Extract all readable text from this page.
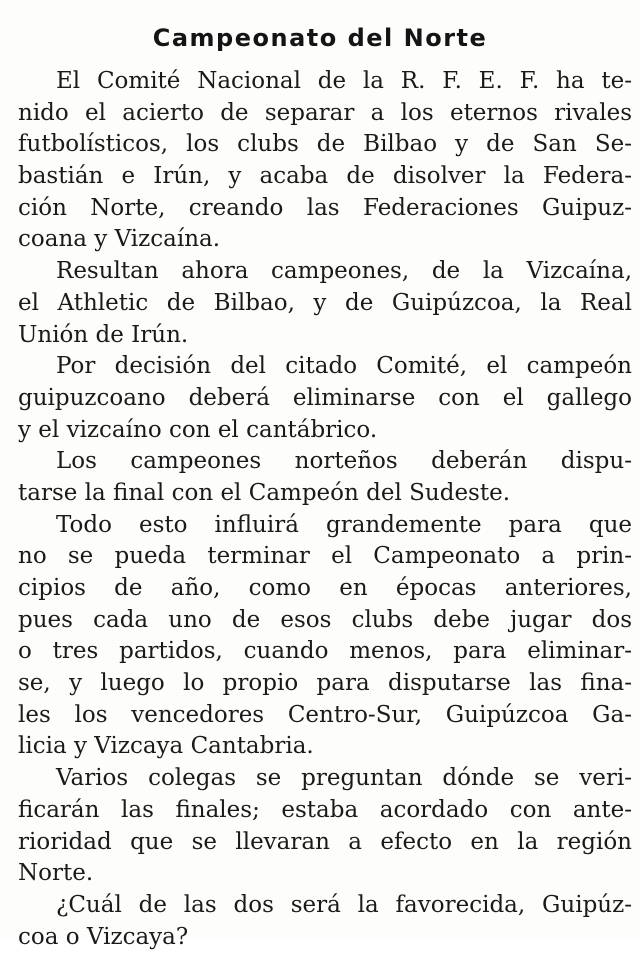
Campeonato del Norte
El Comité Nacional de la R. F. E. F. ha te-
nido el acierto de separar a los eternos rivales
futbolísticos, los clubs de Bilbao y de San Se-
bastián e Irún, y acaba de disolver la Federa-
ción Norte, creando las Federaciones Guipuz-
coana y Vizcaína.
Resultan ahora campeones, de la Vizcaína,
el Athletic de Bilbao, y de Guipúzcoa, la Real
Unión de Irún.
Por decisión del citado Comité, el campeón
guipuzcoano deberá eliminarse con el gallego
y el vizcaíno con el cantábrico.
Los campeones norteños deberán dispu-
tarse la final con el Campeón del Sudeste.
Todo esto influirá grandemente para que
no se pueda terminar el Campeonato a prin-
cipios de año, como en épocas anteriores,
pues cada uno de esos clubs debe jugar dos
o tres partidos, cuando menos, para eliminar-
se, y luego lo propio para disputarse las fina-
les los vencedores Centro-Sur, Guipúzcoa Ga-
licia y Vizcaya Cantabria.
Varios colegas se preguntan dónde se veri-
ficarán las finales; estaba acordado con ante-
rioridad que se llevaran a efecto en la región
Norte.
¿Cuál de las dos será la favorecida, Guipúz-
coa o Vizcaya?
